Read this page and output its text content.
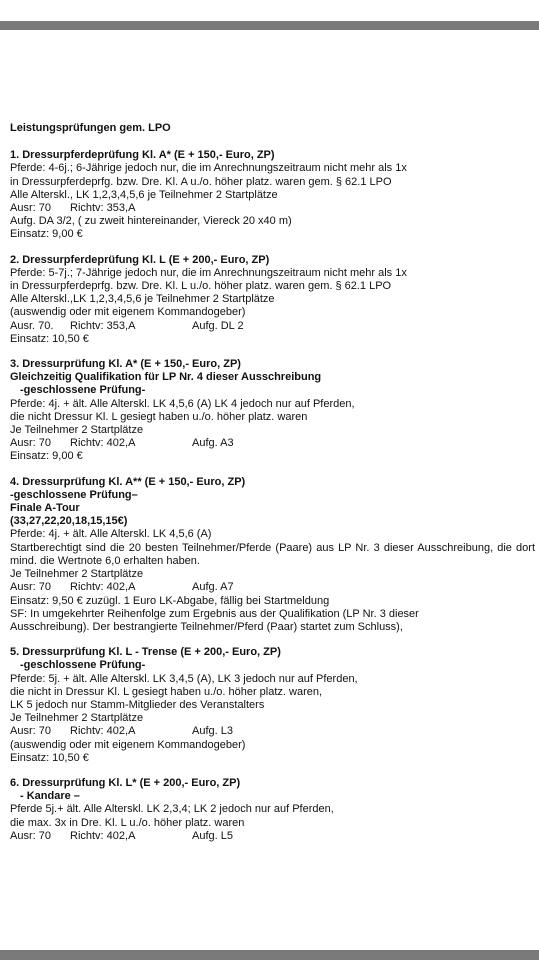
Leistungsprüfungen gem. LPO
1. Dressurpferdeprüfung Kl. A* (E + 150,- Euro, ZP)
Pferde: 4-6j.; 6-Jährige jedoch nur, die im Anrechnungszeitraum nicht mehr als 1x
in Dressurpferdeprfg. bzw. Dre. Kl. A u./o. höher platz. waren gem. § 62.1 LPO
Alle Alterskl., LK 1,2,3,4,5,6 je Teilnehmer 2 Startplätze
Ausr: 70 Richtv: 353,A
Aufg. DA 3/2, ( zu zweit hintereinander, Viereck 20 x40 m)
Einsatz: 9,00 €
2. Dressurpferdeprüfung Kl. L (E + 200,- Euro, ZP)
Pferde: 5-7j.; 7-Jährige jedoch nur, die im Anrechnungszeitraum nicht mehr als 1x
in Dressurpferdeprfg. bzw. Dre. Kl. L u./o. höher platz. waren gem. § 62.1 LPO
Alle Alterskl.,LK 1,2,3,4,5,6 je Teilnehmer 2 Startplätze
(auswendig oder mit eigenem Kommandogeber)
Ausr. 70. Richtv: 353,A	Aufg. DL 2
Einsatz: 10,50 €
3. Dressurprüfung Kl. A* (E + 150,- Euro, ZP)
Gleichzeitig Qualifikation für LP Nr. 4 dieser Ausschreibung
-geschlossene Prüfung-
Pferde: 4j. + ält. Alle Alterskl. LK 4,5,6 (A) LK 4 jedoch nur auf Pferden,
die nicht Dressur Kl. L gesiegt haben u./o. höher platz. waren
Je Teilnehmer 2 Startplätze
Ausr: 70 Richtv: 402,A	Aufg. A3
Einsatz: 9,00 €
4. Dressurprüfung Kl. A** (E + 150,- Euro, ZP)
-geschlossene Prüfung–
Finale A-Tour
(33,27,22,20,18,15,15€)
Pferde: 4j. + ält. Alle Alterskl. LK 4,5,6 (A)
Startberechtigt sind die 20 besten Teilnehmer/Pferde (Paare) aus LP Nr. 3 dieser Ausschreibung, die dort mind. die Wertnote 6,0 erhalten haben.
Je Teilnehmer 2 Startplätze
Ausr: 70 Richtv: 402,A	Aufg. A7
Einsatz: 9,50 € zuzügl. 1 Euro LK-Abgabe, fällig bei Startmeldung
SF: In umgekehrter Reihenfolge zum Ergebnis aus der Qualifikation (LP Nr. 3 dieser
Ausschreibung). Der bestrangierte Teilnehmer/Pferd (Paar) startet zum Schluss),
5. Dressurprüfung Kl. L - Trense (E + 200,- Euro, ZP)
-geschlossene Prüfung-
Pferde: 5j. + ält. Alle Alterskl. LK 3,4,5 (A), LK 3 jedoch nur auf Pferden,
die nicht in Dressur Kl. L gesiegt haben u./o. höher platz. waren,
LK 5 jedoch nur Stamm-Mitglieder des Veranstalters
Je Teilnehmer 2 Startplätze
Ausr: 70 Richtv: 402,A	Aufg. L3
(auswendig oder mit eigenem Kommandogeber)
Einsatz: 10,50 €
6. Dressurprüfung Kl. L* (E + 200,- Euro, ZP)
- Kandare –
Pferde 5j.+ ält. Alle Alterskl. LK 2,3,4; LK 2 jedoch nur auf Pferden,
die max. 3x in Dre. Kl. L u./o. höher platz. waren
Ausr: 70 Richtv: 402,A	Aufg. L5
